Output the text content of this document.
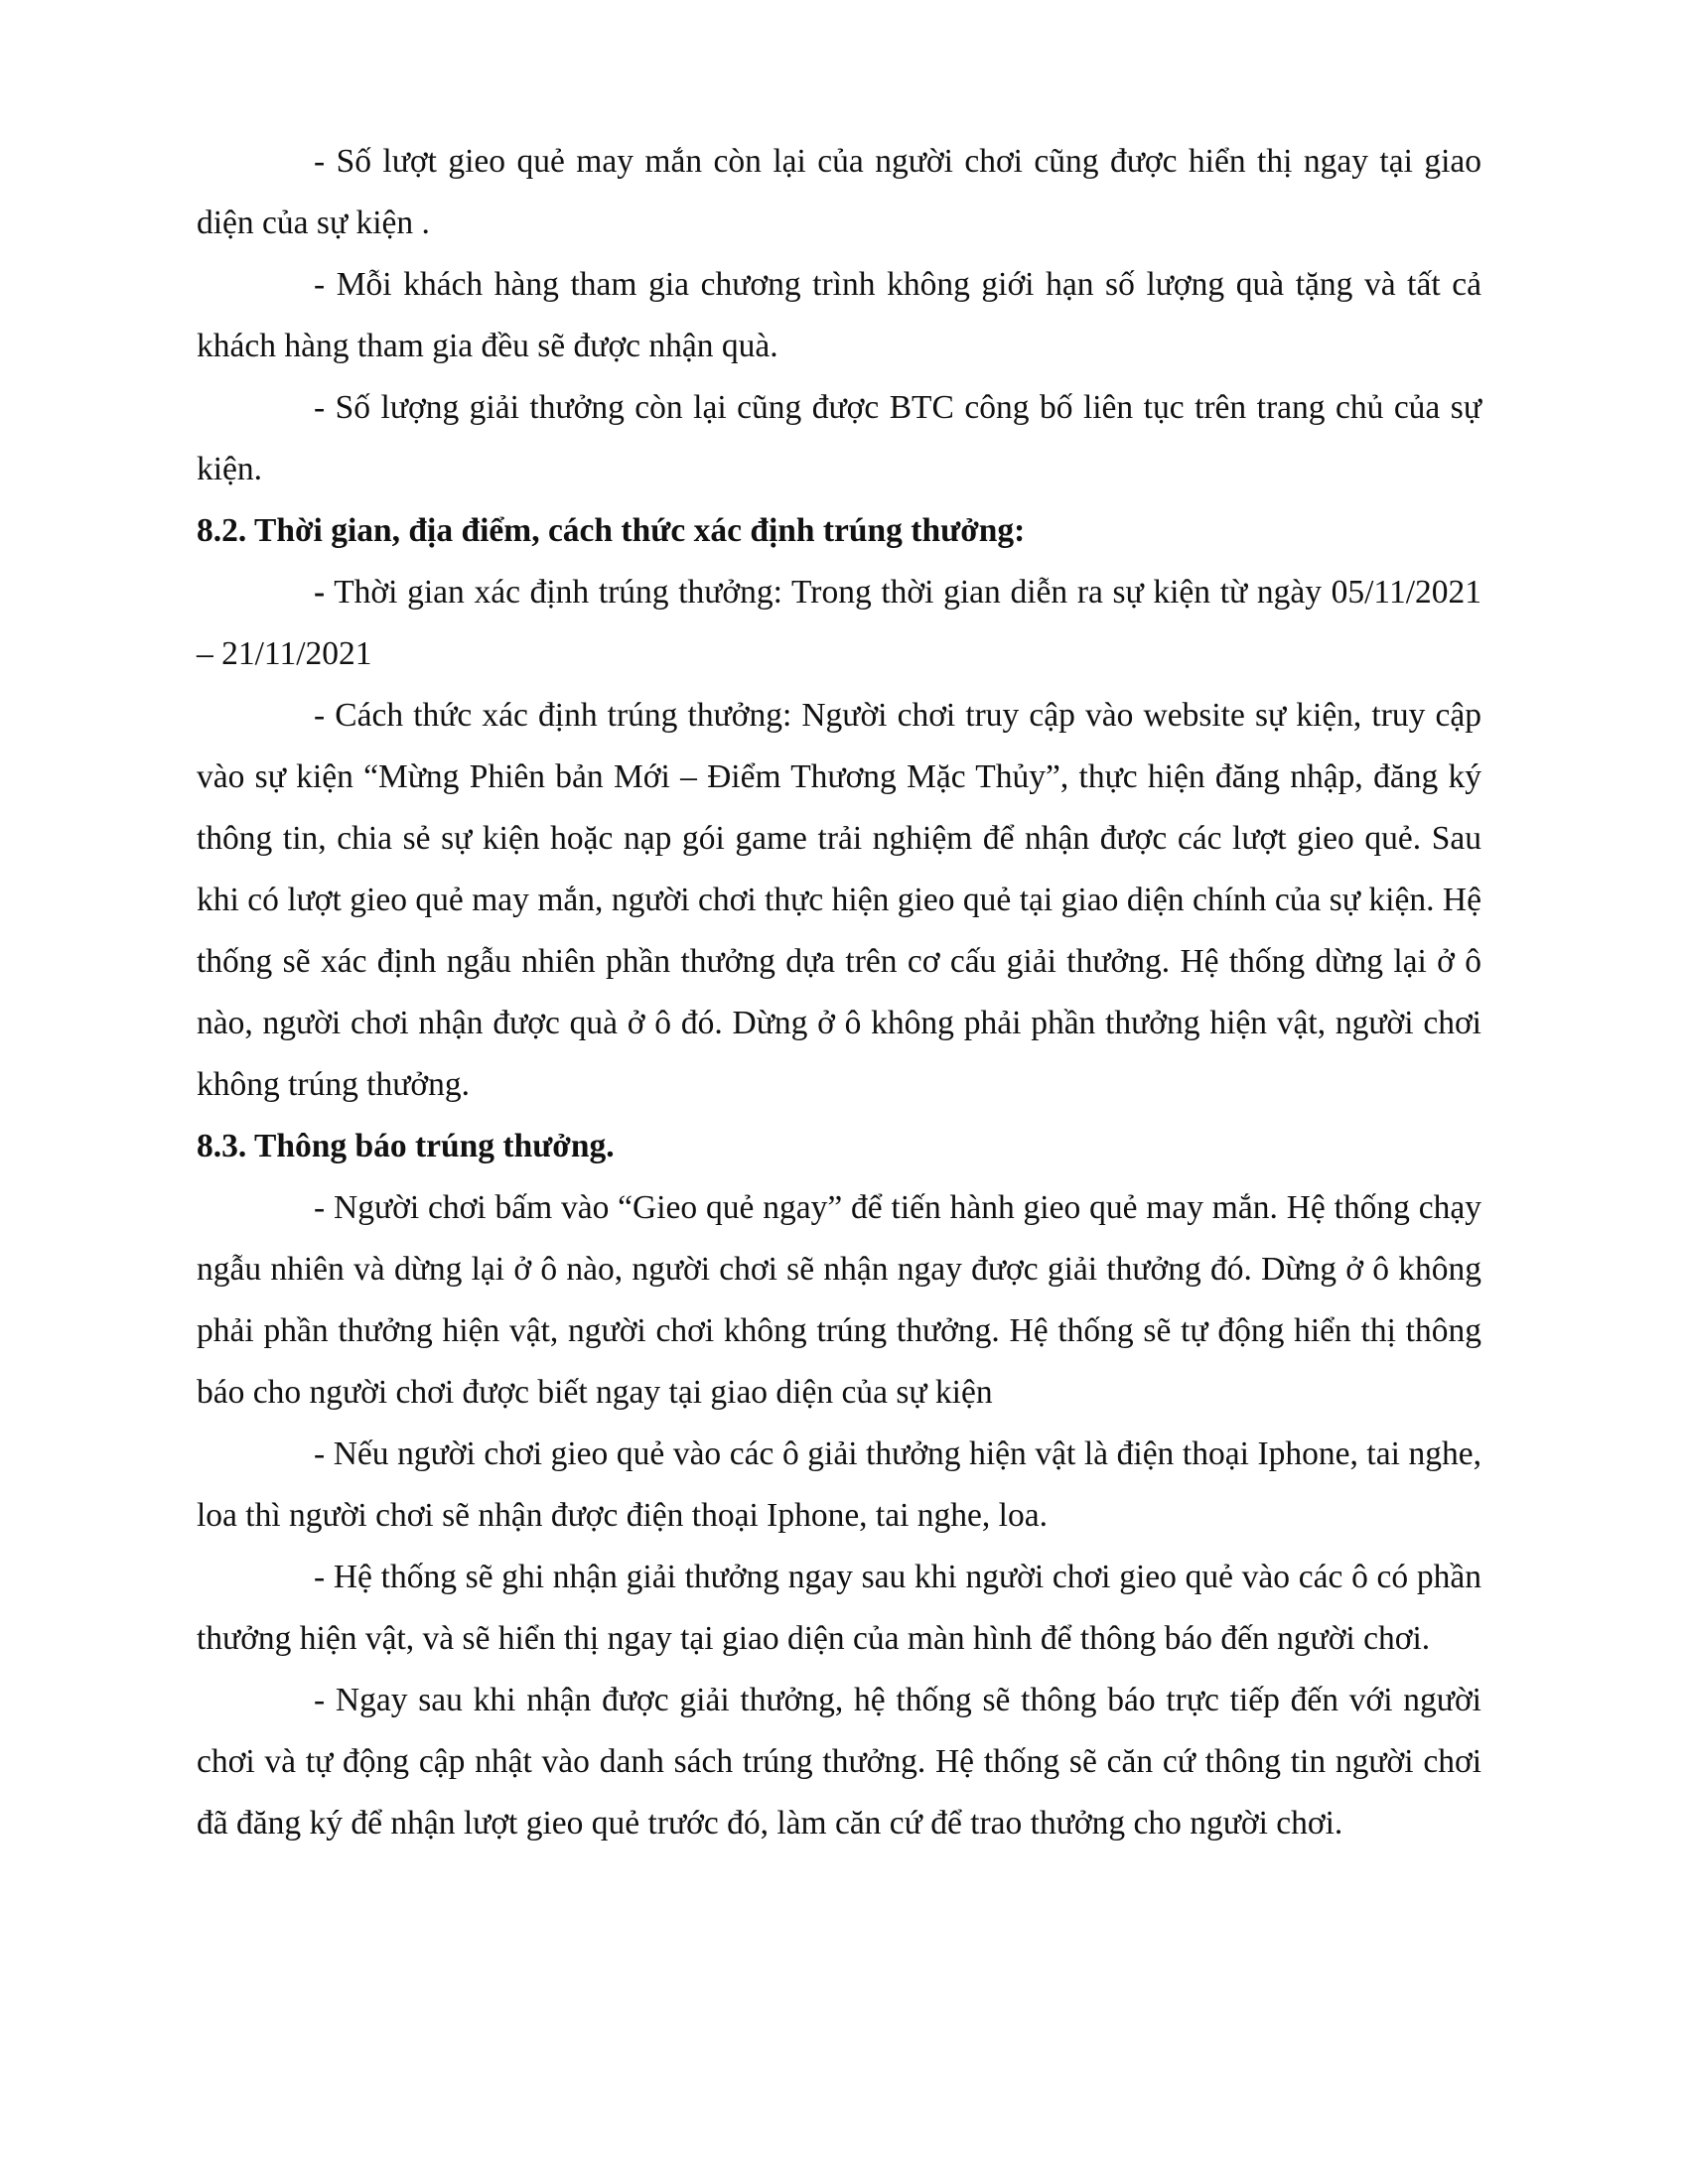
- Số lượt gieo quẻ may mắn còn lại của người chơi cũng được hiển thị ngay tại giao diện của sự kiện .

- Mỗi khách hàng tham gia chương trình không giới hạn số lượng quà tặng và tất cả khách hàng tham gia đều sẽ được nhận quà.

- Số lượng giải thưởng còn lại cũng được BTC công bố liên tục trên trang chủ của sự kiện.

8.2. Thời gian, địa điểm, cách thức xác định trúng thưởng:

- Thời gian xác định trúng thưởng: Trong thời gian diễn ra sự kiện từ ngày 05/11/2021 – 21/11/2021

- Cách thức xác định trúng thưởng: Người chơi truy cập vào website sự kiện, truy cập vào sự kiện “Mừng Phiên bản Mới – Điểm Thương Mặc Thủy”, thực hiện đăng nhập, đăng ký thông tin, chia sẻ sự kiện hoặc nạp gói game trải nghiệm để nhận được các lượt gieo quẻ. Sau khi có lượt gieo quẻ may mắn, người chơi thực hiện gieo quẻ tại giao diện chính của sự kiện. Hệ thống sẽ xác định ngẫu nhiên phần thưởng dựa trên cơ cấu giải thưởng. Hệ thống dừng lại ở ô nào, người chơi nhận được quà ở ô đó. Dừng ở ô không phải phần thưởng hiện vật, người chơi không trúng thưởng.

8.3. Thông báo trúng thưởng.

- Người chơi bấm vào “Gieo quẻ ngay” để tiến hành gieo quẻ may mắn. Hệ thống chạy ngẫu nhiên và dừng lại ở ô nào, người chơi sẽ nhận ngay được giải thưởng đó. Dừng ở ô không phải phần thưởng hiện vật, người chơi không trúng thưởng. Hệ thống sẽ tự động hiển thị thông báo cho người chơi được biết ngay tại giao diện của sự kiện

- Nếu người chơi gieo quẻ vào các ô giải thưởng hiện vật là điện thoại Iphone, tai nghe, loa thì người chơi sẽ nhận được điện thoại Iphone, tai nghe, loa.

- Hệ thống sẽ ghi nhận giải thưởng ngay sau khi người chơi gieo quẻ vào các ô có phần thưởng hiện vật, và sẽ hiển thị ngay tại giao diện của màn hình để thông báo đến người chơi.

- Ngay sau khi nhận được giải thưởng, hệ thống sẽ thông báo trực tiếp đến với người chơi và tự động cập nhật vào danh sách trúng thưởng. Hệ thống sẽ căn cứ thông tin người chơi đã đăng ký để nhận lượt gieo quẻ trước đó, làm căn cứ để trao thưởng cho người chơi.
